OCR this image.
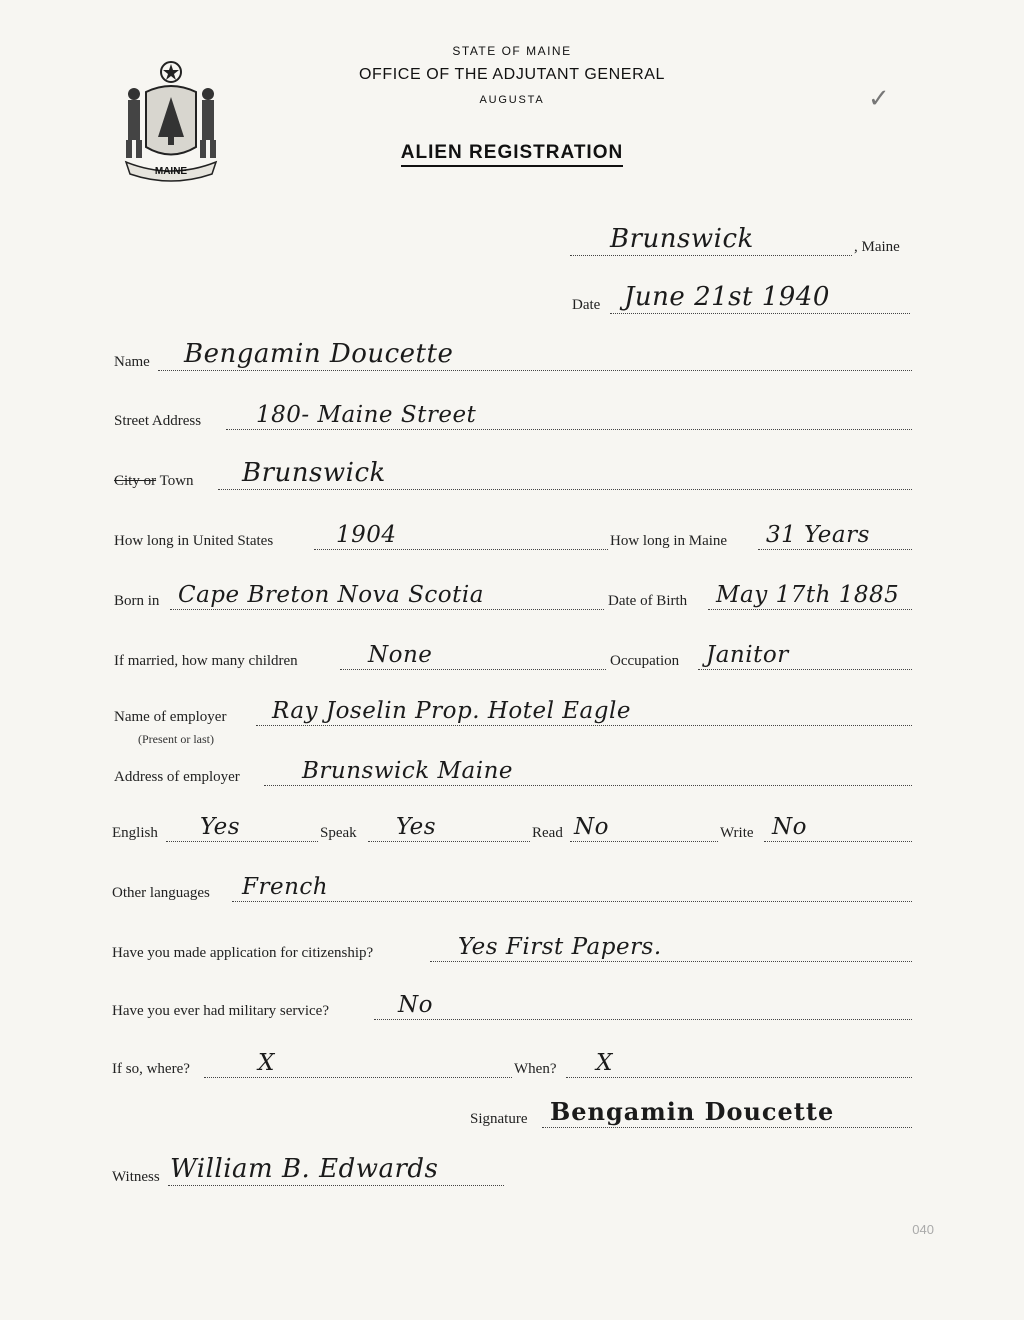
MAINE
STATE OF MAINE
OFFICE OF THE ADJUTANT GENERAL
AUGUSTA
ALIEN REGISTRATION
✓
Brunswick	, Maine
Date June 21st 1940
Name Bengamin Doucette
Street Address 180- Maine Street
City or Town Brunswick
How long in United States	1904	How long in Maine 31 Years
Born in Cape Breton Nova Scotia	Date of Birth May 17th 1885
If married, how many children	None	Occupation Janitor
Name of employer Ray Joselin Prop. Hotel Eagle
(Present or last)
Address of employer	Brunswick Maine
English Yes	Speak Yes	Read No	Write No
Other languages French
Have you made application for citizenship?	Yes First Papers.
Have you ever had military service?	No
If so, where?	X	When? X
Signature Bengamin Doucette
Witness William B. Edwards
040
